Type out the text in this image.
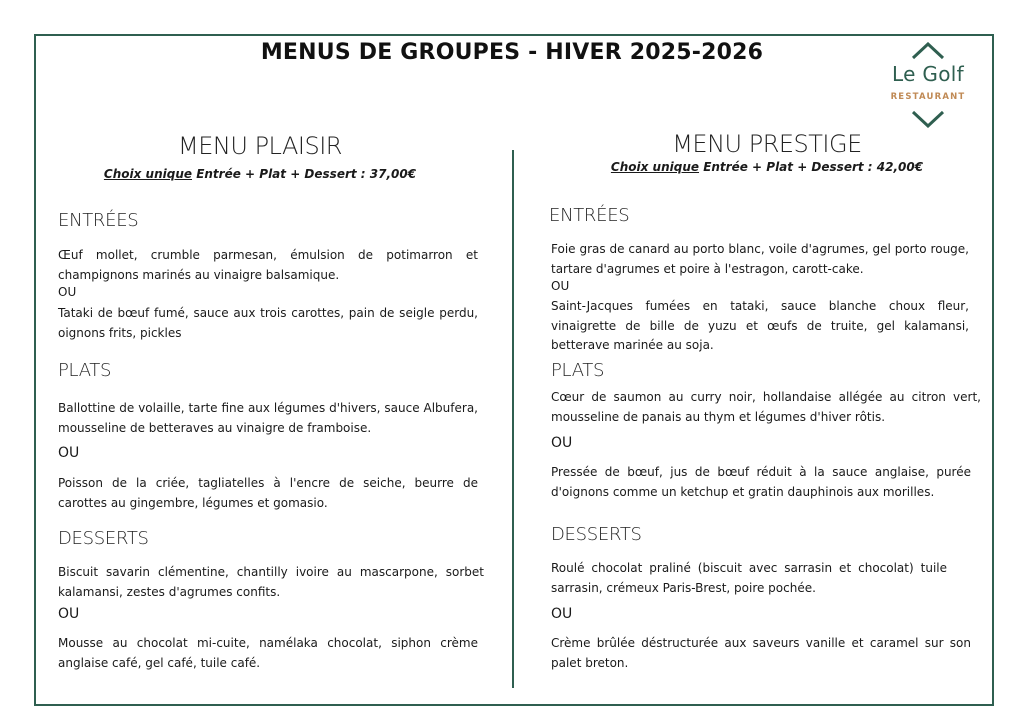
MENUS DE GROUPES - HIVER 2025-2026
Le Golf
RESTAURANT
MENU PLAISIR
Choix unique Entrée + Plat + Dessert : 37,00€
ENTRÉES
Œuf mollet, crumble parmesan, émulsion de potimarron et champignons marinés au vinaigre balsamique.
OU
Tataki de bœuf fumé, sauce aux trois carottes, pain de seigle perdu, oignons frits, pickles
PLATS
Ballottine de volaille, tarte fine aux légumes d'hivers, sauce Albufera, mousseline de betteraves au vinaigre de framboise.
OU
Poisson de la criée, tagliatelles à l'encre de seiche, beurre de carottes au gingembre, légumes et gomasio.
DESSERTS
Biscuit savarin clémentine, chantilly ivoire au mascarpone, sorbet kalamansi, zestes d'agrumes confits.
OU
Mousse au chocolat mi-cuite, namélaka chocolat, siphon crème anglaise café, gel café, tuile café.
MENU PRESTIGE
Choix unique Entrée + Plat + Dessert : 42,00€
ENTRÉES
Foie gras de canard au porto blanc, voile d'agrumes, gel porto rouge, tartare d'agrumes et poire à l'estragon, carott-cake.
OU
Saint-Jacques fumées en tataki, sauce blanche choux fleur, vinaigrette de bille de yuzu et œufs de truite, gel kalamansi, betterave marinée au soja.
PLATS
Cœur de saumon au curry noir, hollandaise allégée au citron vert, mousseline de panais au thym et légumes d'hiver rôtis.
OU
Pressée de bœuf, jus de bœuf réduit à la sauce anglaise, purée d'oignons comme un ketchup et gratin dauphinois aux morilles.
DESSERTS
Roulé chocolat praliné (biscuit avec sarrasin et chocolat) tuile sarrasin, crémeux Paris-Brest, poire pochée.
OU
Crème brûlée déstructurée aux saveurs vanille et caramel sur son palet breton.
